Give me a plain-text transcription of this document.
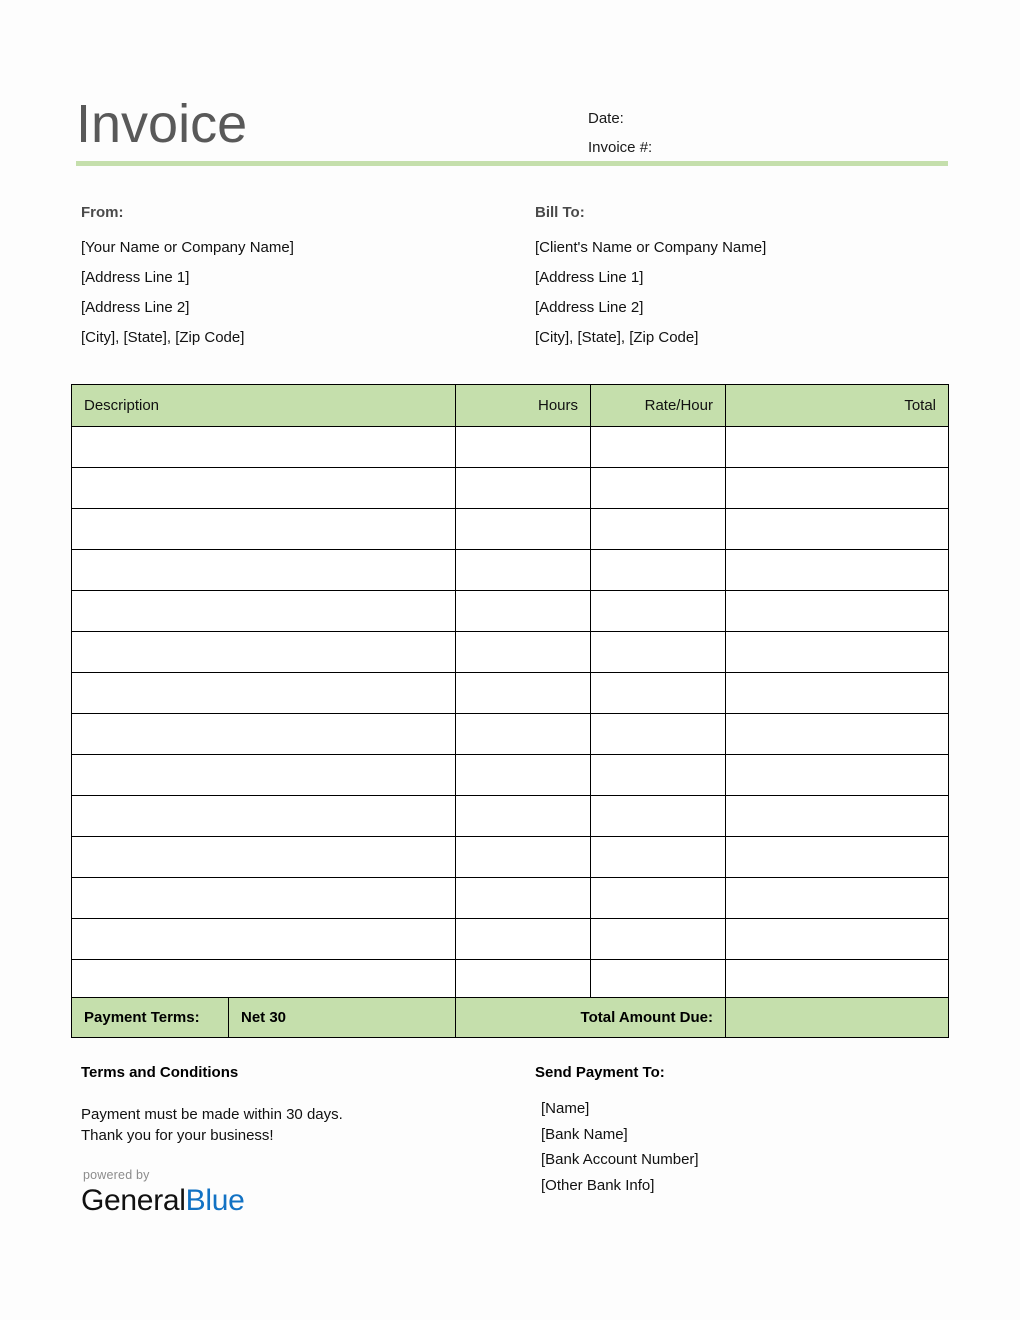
Invoice	Date:
Invoice #:
From:
[Your Name or Company Name]
[Address Line 1]
[Address Line 2]
[City], [State], [Zip Code]
Bill To:
[Client's Name or Company Name]
[Address Line 1]
[Address Line 2]
[City], [State], [Zip Code]
Description	Hours	Rate/Hour	Total

Payment Terms:	Net 30	Total Amount Due:	
Terms and Conditions
Payment must be made within 30 days.
Thank you for your business!
Send Payment To:
[Name]
[Bank Name]
[Bank Account Number]
[Other Bank Info]
powered by
GeneralBlue
